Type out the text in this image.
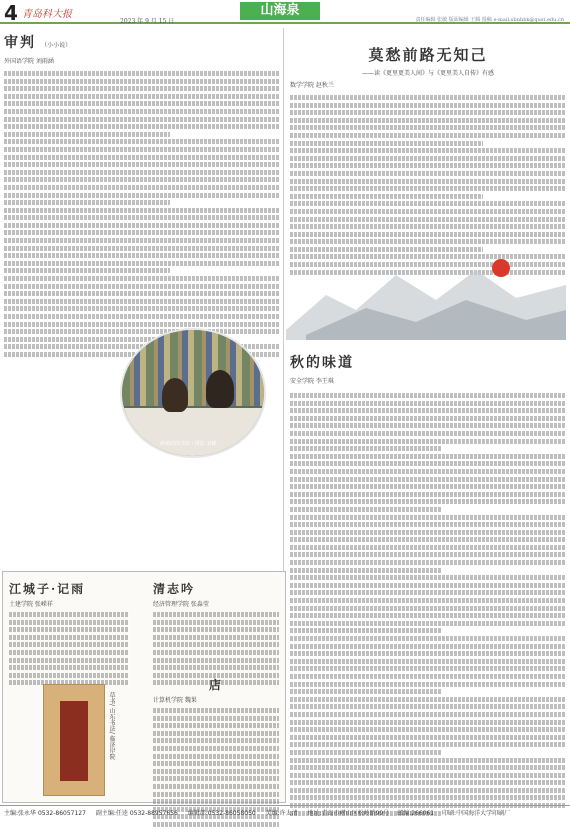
4 青岛科大报
2023 年 9 月 15 日
山海泉
责任编辑 张敏 版面编辑 王腾 投稿 e-mail:xbnhbk@qust.edu.cn
审判 （小小说）
外国语学院 刘雨涵
静谧的图书馆 / 摄影 刘鹏
莫愁前路无知己
——读《更里更美人间》与《更里美人自传》有感
数学学院 赵秋兰
秋的味道
安全学院 李王琪
江城子·记雨
土建学院 张嵘祥
清志吟
经济管理学院 张淼莹
店
计算机学院 魏果
草书/ 山东书法/ 临济岸院
主编:张永华 0532-86057127 副主编:任逵 0532-88957656 编辑部:0532-86058050 美编:许太清 地址:青岛市崂山区松岭路99号 邮编:266061 印刷:中国海洋大学印刷厂
